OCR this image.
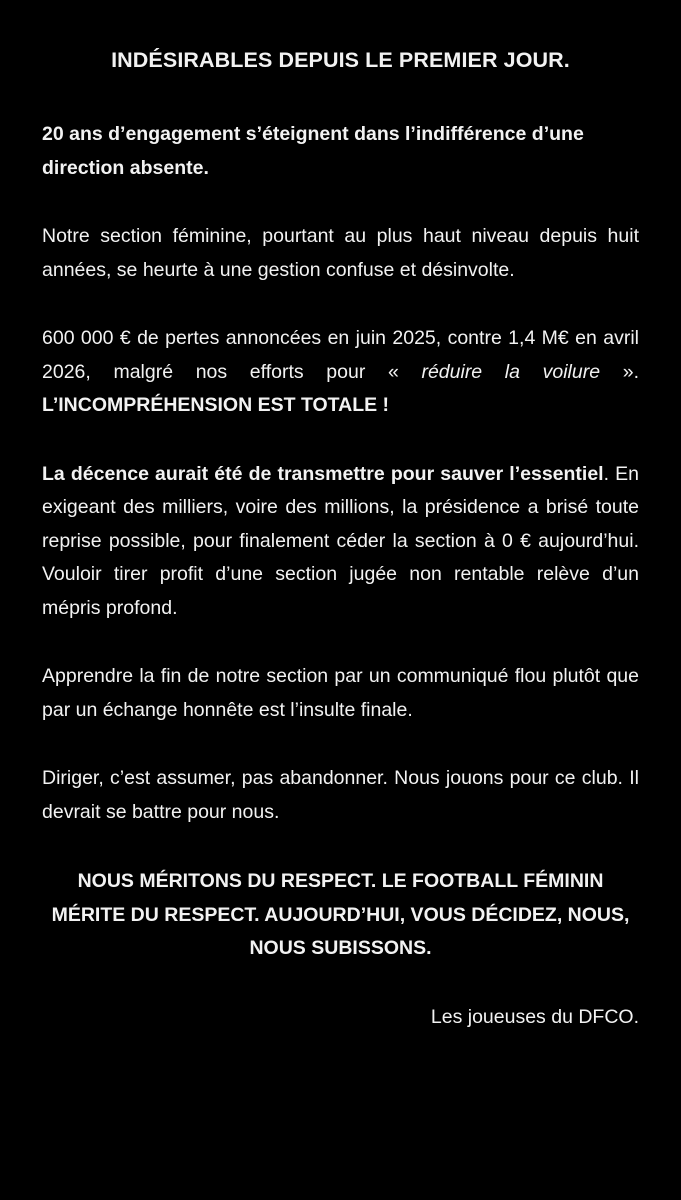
INDÉSIRABLES DEPUIS LE PREMIER JOUR.

20 ans d’engagement s’éteignent dans l’indifférence d’une direction absente.

Notre section féminine, pourtant au plus haut niveau depuis huit années, se heurte à une gestion confuse et désinvolte.

600 000 € de pertes annoncées en juin 2025, contre 1,4 M€ en avril 2026, malgré nos efforts pour « réduire la voilure ». L’INCOMPRÉHENSION EST TOTALE !

La décence aurait été de transmettre pour sauver l’essentiel. En exigeant des milliers, voire des millions, la présidence a brisé toute reprise possible, pour finalement céder la section à 0 € aujourd’hui. Vouloir tirer profit d’une section jugée non rentable relève d’un mépris profond.

Apprendre la fin de notre section par un communiqué flou plutôt que par un échange honnête est l’insulte finale.

Diriger, c’est assumer, pas abandonner. Nous jouons pour ce club. Il devrait se battre pour nous.

NOUS MÉRITONS DU RESPECT. LE FOOTBALL FÉMININ MÉRITE DU RESPECT. AUJOURD’HUI, VOUS DÉCIDEZ, NOUS, NOUS SUBISSONS.

Les joueuses du DFCO.
